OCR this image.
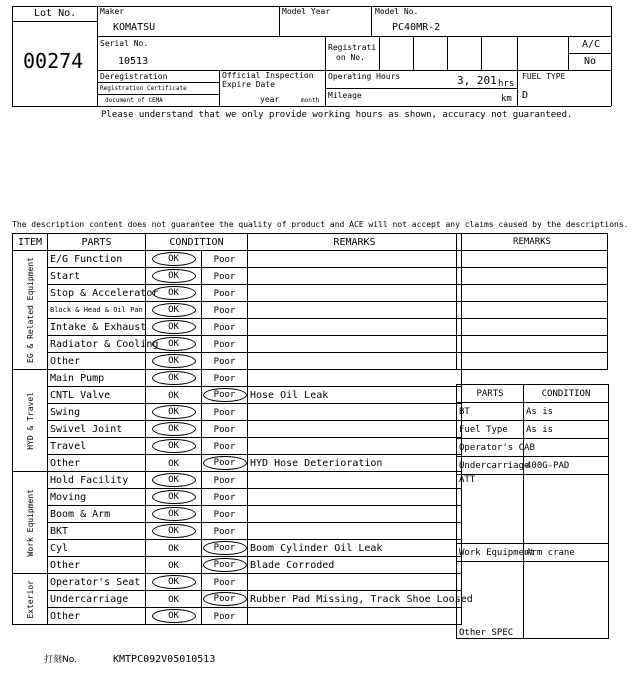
Lot No.
00274
Maker
KOMATSU
Model Year	Model No.
PC40MR-2
Serial No.
10513
Registrati
on No.
A/C
No
Deregistration
Registration Certificate
document of CEMA
Official Inspection
Expire Date
year	month
Operating Hours	3, 201 hrs
Mileage	km
FUEL TYPE
D
Please understand that we only provide working hours as shown, accuracy not guaranteed.
The description content does not guarantee the quality of product and ACE will not accept any claims caused by the descriptions.
ITEM	PARTS	CONDITION		REMARKS

EG & Related Equipment	E/G Function	OK	Poor	
	Start	OK	Poor	
	Stop & Accelerator	OK	Poor	
	Block & Head & Oil Pan	OK	Poor	
	Intake & Exhaust	OK	Poor	
	Radiator & Cooling	OK	Poor	
	Other	OK	Poor	

HYD & Travel	Main Pump	OK	Poor	
	CNTL Valve	OK	Poor	Hose Oil Leak
	Swing	OK	Poor	
	Swivel Joint	OK	Poor	
	Travel	OK	Poor	
	Other	OK	Poor	HYD Hose Deterioration

Work Equipment	Hold Facility	OK	Poor	
	Moving	OK	Poor	
	Boom & Arm	OK	Poor	
	BKT	OK	Poor	
	Cyl	OK	Poor	Boom Cylinder Oil Leak
	Other	OK	Poor	Blade Corroded

Exterior	Operator's Seat	OK	Poor	
	Undercarriage	OK	Poor	Rubber Pad Missing, Track Shoe Loosed
	Other	OK	Poor	
REMARKS

PARTS	CONDITION
BT	As is
Fuel Type	As is
Operator's CAB	
Undercarriage	400G-PAD
ATT	
Work Equipment	Arm crane
Other SPEC	
打刻No.	KMTPC092V05010513
